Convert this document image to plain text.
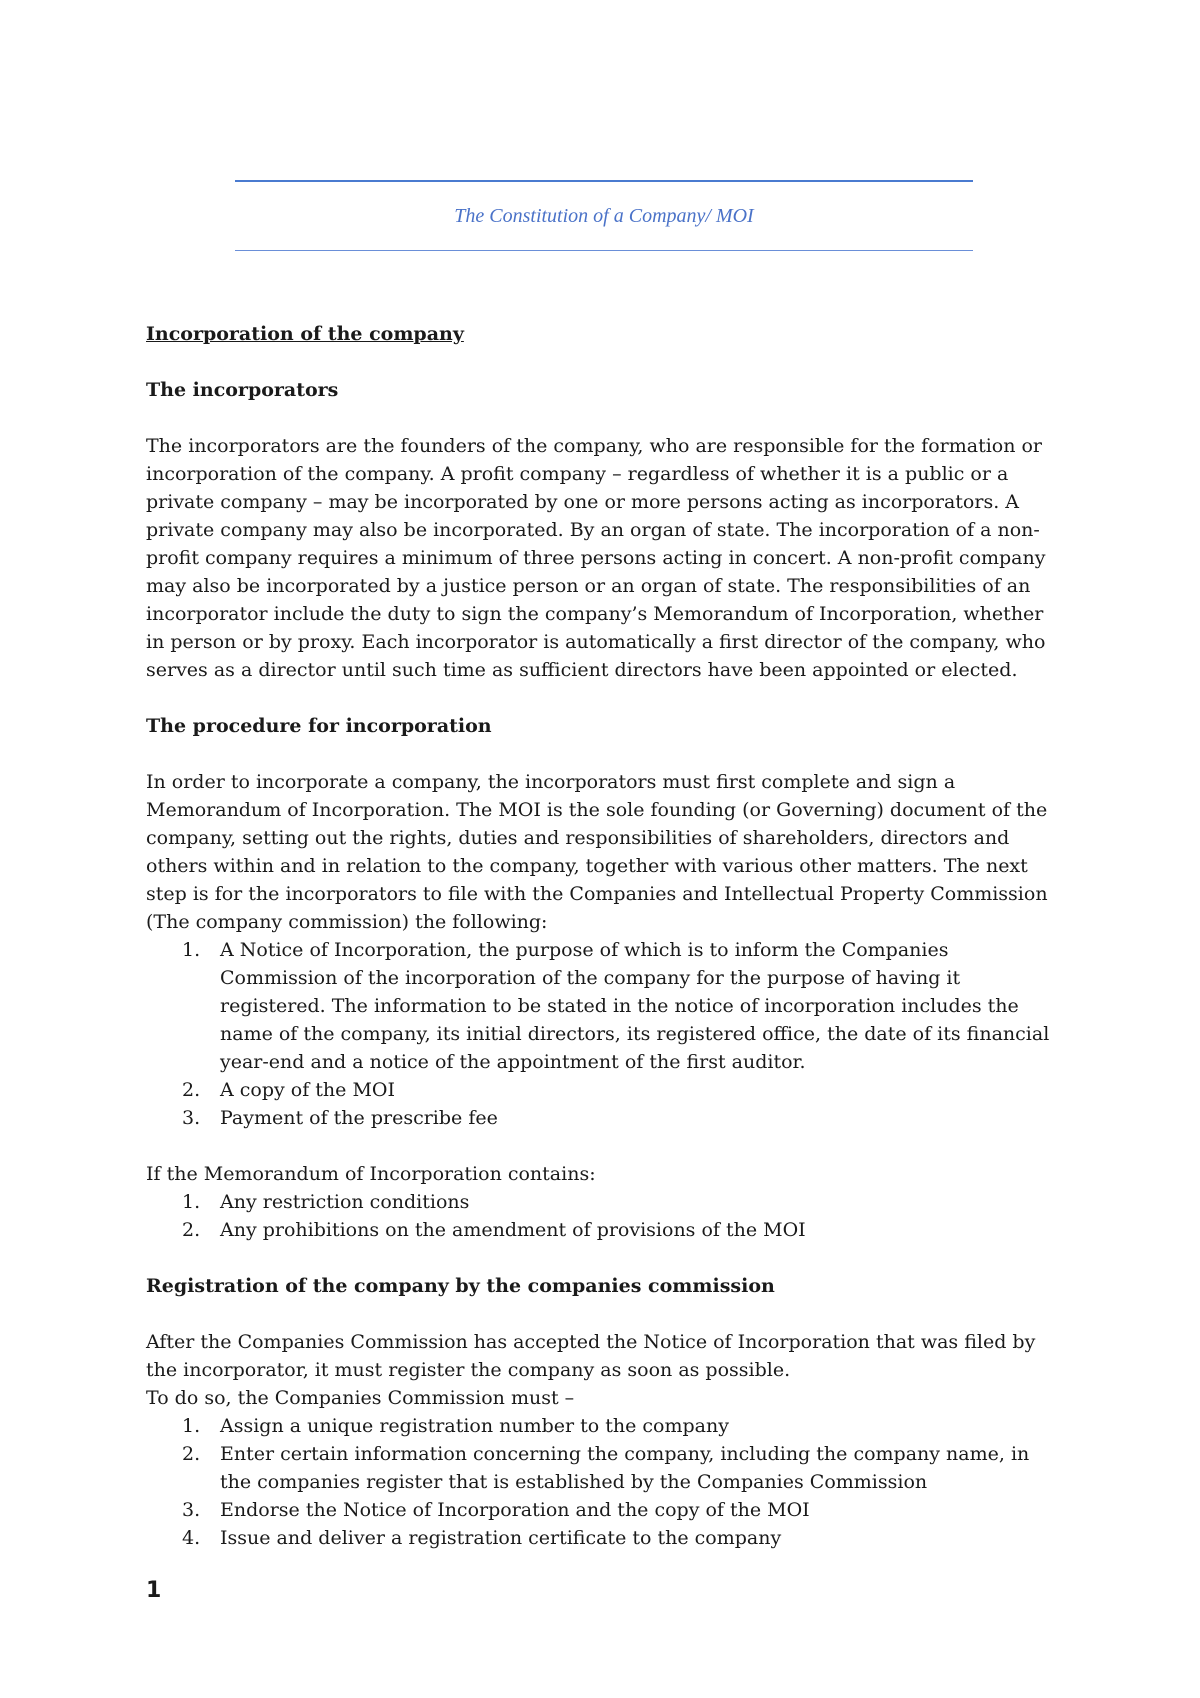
The Constitution of a Company/ MOI

Incorporation of the company

The incorporators

The incorporators are the founders of the company, who are responsible for the formation or incorporation of the company. A profit company – regardless of whether it is a public or a private company – may be incorporated by one or more persons acting as incorporators. A private company may also be incorporated. By an organ of state. The incorporation of a non-profit company requires a minimum of three persons acting in concert. A non-profit company may also be incorporated by a justice person or an organ of state. The responsibilities of an incorporator include the duty to sign the company’s Memorandum of Incorporation, whether in person or by proxy. Each incorporator is automatically a first director of the company, who serves as a director until such time as sufficient directors have been appointed or elected.

The procedure for incorporation

In order to incorporate a company, the incorporators must first complete and sign a Memorandum of Incorporation. The MOI is the sole founding (or Governing) document of the company, setting out the rights, duties and responsibilities of shareholders, directors and others within and in relation to the company, together with various other matters. The next step is for the incorporators to file with the Companies and Intellectual Property Commission (The company commission) the following:

1.	A Notice of Incorporation, the purpose of which is to inform the Companies Commission of the incorporation of the company for the purpose of having it registered. The information to be stated in the notice of incorporation includes the name of the company, its initial directors, its registered office, the date of its financial year-end and a notice of the appointment of the first auditor.
2.	A copy of the MOI
3.	Payment of the prescribe fee

If the Memorandum of Incorporation contains:

1.	Any restriction conditions
2.	Any prohibitions on the amendment of provisions of the MOI

Registration of the company by the companies commission

After the Companies Commission has accepted the Notice of Incorporation that was filed by the incorporator, it must register the company as soon as possible.

To do so, the Companies Commission must –

1.	Assign a unique registration number to the company
2.	Enter certain information concerning the company, including the company name, in the companies register that is established by the Companies Commission
3.	Endorse the Notice of Incorporation and the copy of the MOI
4.	Issue and deliver a registration certificate to the company
1
